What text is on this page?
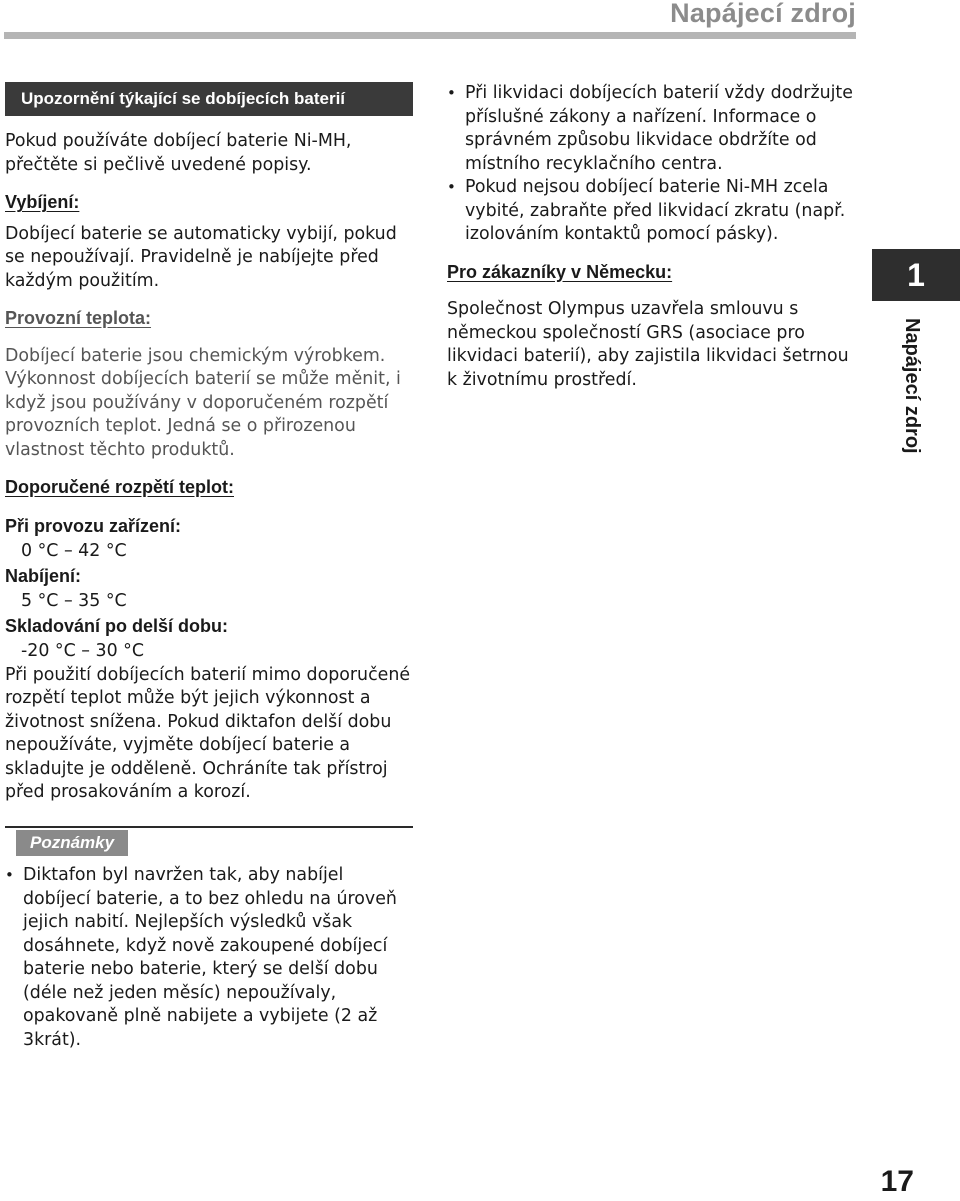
Napájecí zdroj
Upozornění týkající se dobíjecích baterií

Pokud používáte dobíjecí baterie Ni-MH, přečtěte si pečlivě uvedené popisy.

Vybíjení:

Dobíjecí baterie se automaticky vybijí, pokud se nepoužívají. Pravidelně je nabíjejte před každým použitím.

Provozní teplota:

Dobíjecí baterie jsou chemickým výrobkem. Výkonnost dobíjecích baterií se může měnit, i když jsou používány v doporučeném rozpětí provozních teplot. Jedná se o přirozenou vlastnost těchto produktů.

Doporučené rozpětí teplot:
Při provozu zařízení:
0 °C – 42 °C
Nabíjení:
5 °C – 35 °C
Skladování po delší dobu:
-20 °C – 30 °C

Při použití dobíjecích baterií mimo doporučené rozpětí teplot může být jejich výkonnost a životnost snížena. Pokud diktafon delší dobu nepoužíváte, vyjměte dobíjecí baterie a skladujte je odděleně. Ochráníte tak přístroj před prosakováním a korozí.

• Při likvidaci dobíjecích baterií vždy dodržujte příslušné zákony a nařízení. Informace o správném způsobu likvidace obdržíte od místního recyklačního centra.
• Pokud nejsou dobíjecí baterie Ni-MH zcela vybité, zabraňte před likvidací zkratu (např. izolováním kontaktů pomocí pásky).
Pro zákazníky v Německu:

Společnost Olympus uzavřela smlouvu s německou společností GRS (asociace pro likvidaci baterií), aby zajistila likvidaci šetrnou k životnímu prostředí.

Poznámky
• Diktafon byl navržen tak, aby nabíjel dobíjecí baterie, a to bez ohledu na úroveň jejich nabití. Nejlepších výsledků však dosáhnete, když nově zakoupené dobíjecí baterie nebo baterie, který se delší dobu (déle než jeden měsíc) nepoužívaly, opakovaně plně nabijete a vybijete (2 až 3krát).
1
Napájecí zdroj
17
